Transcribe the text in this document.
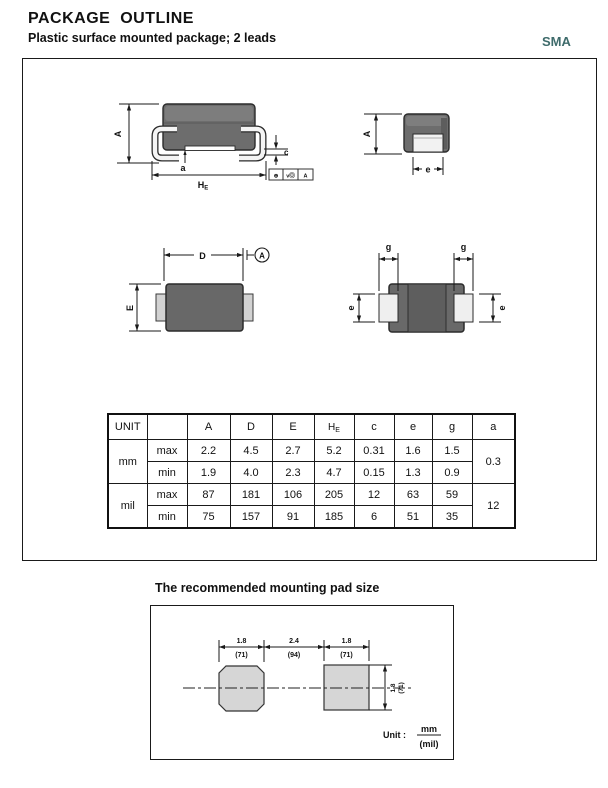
PACKAGE  OUTLINE
Plastic surface mounted package; 2 leads	SMA
A
a
HE
c
⊕ vⓄ A
A
e
D	A
E
g	g
e	e
UNIT		A	D	E	HE	c	e	g	a
mm	max	2.2	4.5	2.7	5.2	0.31	1.6	1.5	0.3
	min	1.9	4.0	2.3	4.7	0.15	1.3	0.9	
mil	max	87	181	106	205	12	63	59	12
	min	75	157	91	185	6	51	35	
The recommended mounting pad size
1.8
(71)
2.4
(94)
1.8
(71)
1.8 (71)
Unit :
mm
(mil)
